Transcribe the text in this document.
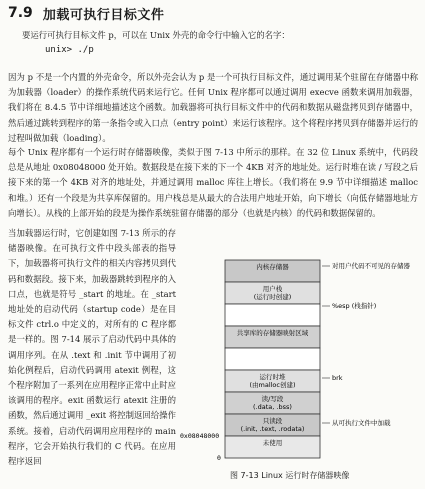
7.9 加载可执行目标文件
要运行可执行目标文件 p，可以在 Unix 外壳的命令行中输入它的名字：
unix> ./p
因为 p 不是一个内置的外壳命令，所以外壳会认为 p 是一个可执行目标文件，通过调用某个驻留在存储器中称为加载器（loader）的操作系统代码来运行它。任何 Unix 程序都可以通过调用 execve 函数来调用加载器，我们将在 8.4.5 节中详细地描述这个函数。加载器将可执行目标文件中的代码和数据从磁盘拷贝到存储器中，然后通过跳转到程序的第一条指令或入口点（entry point）来运行该程序。这个将程序拷贝到存储器并运行的过程叫做加载（loading）。
每个 Unix 程序都有一个运行时存储器映像，类似于图 7-13 中所示的那样。在 32 位 Linux 系统中，代码段总是从地址 0x08048000 处开始。数据段是在接下来的下一个 4KB 对齐的地址处。运行时堆在读 / 写段之后接下来的第一个 4KB 对齐的地址处，并通过调用 malloc 库往上增长。（我们将在 9.9 节中详细描述 malloc 和堆。）还有一个段是为共享库保留的。用户栈总是从最大的合法用户地址开始，向下增长（向低存储器地址方向增长）。从栈的上部开始的段是为操作系统驻留存储器的部分（也就是内核）的代码和数据保留的。
当加载器运行时，它创建如图 7-13 所示的存储器映像。在可执行文件中段头部表的指导下，加载器将可执行文件的相关内容拷贝到代码和数据段。接下来，加载器跳转到程序的入口点，也就是符号 _start 的地址。在 _start 地址处的启动代码（startup code）是在目标文件 ctrl.o 中定义的，对所有的 C 程序都是一样的。图 7-14 展示了启动代码中具体的调用序列。在从 .text 和 .init 节中调用了初始化例程后，启动代码调用 atexit 例程，这个程序附加了一系列在应用程序正常中止时应该调用的程序。exit 函数运行 atexit 注册的函数，然后通过调用 _exit 将控制返回给操作系统。接着，启动代码调用应用程序的 main 程序，它会开始执行我们的 C 代码。在应用程序返回
内核存储器
用户栈
(运行时创建)
共享库的存储器映射区域
运行时堆
(由malloc创建)
读/写段
(.data, .bss)
只读段
(.init, .text, .rodata)
未使用
对用户代码不可见的存储器
%esp (栈指针)
brk
从可执行文件中加载
0x08048000
0
图 7-13 Linux 运行时存储器映像
